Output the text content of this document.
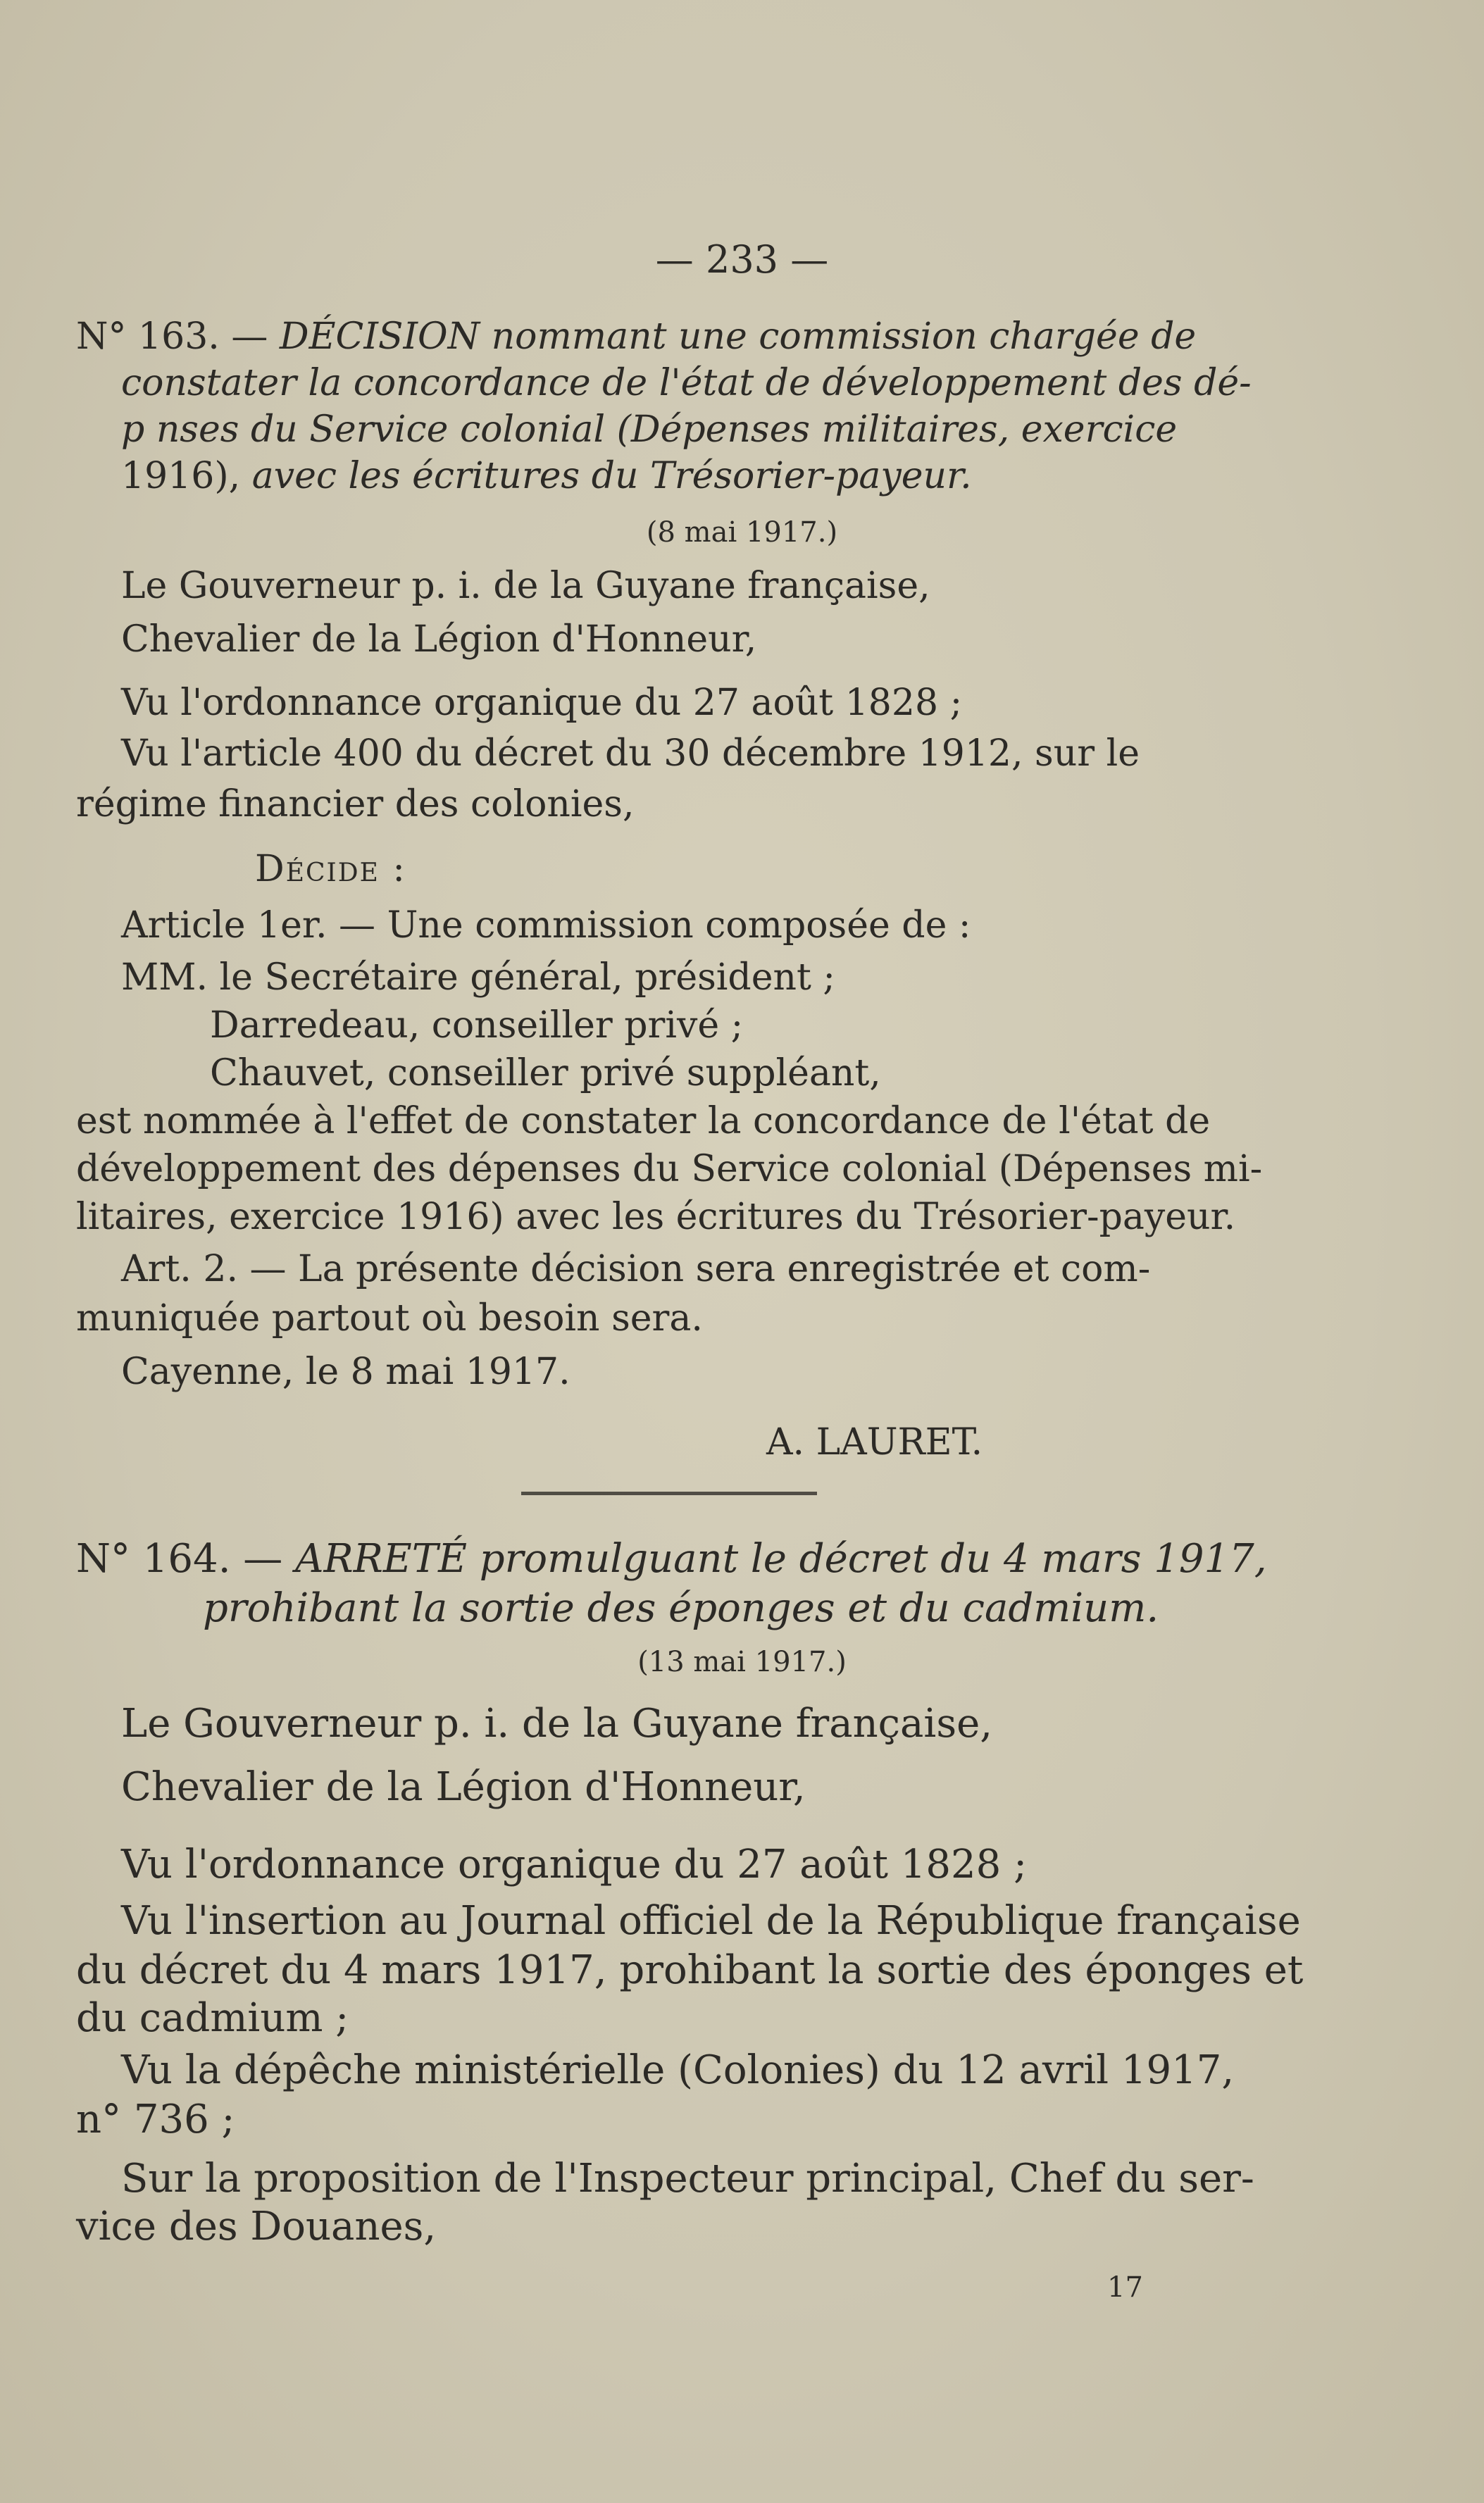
— 233 —
N° 163. — DÉCISION nommant une commission chargée de
constater la concordance de l'état de développement des dé-
p nses du Service colonial (Dépenses militaires, exercice
1916), avec les écritures du Trésorier-payeur.
(8 mai 1917.)
Le Gouverneur p. i. de la Guyane française,
Chevalier de la Légion d'Honneur,
Vu l'ordonnance organique du 27 août 1828 ;
Vu l'article 400 du décret du 30 décembre 1912, sur le
régime financier des colonies,
Décide :
Article 1er. — Une commission composée de :
MM. le Secrétaire général, président ;
Darredeau, conseiller privé ;
Chauvet, conseiller privé suppléant,
est nommée à l'effet de constater la concordance de l'état de
développement des dépenses du Service colonial (Dépenses mi-
litaires, exercice 1916) avec les écritures du Trésorier-payeur.
Art. 2. — La présente décision sera enregistrée et com-
muniquée partout où besoin sera.
Cayenne, le 8 mai 1917.
A. LAURET.
N° 164. — ARRETÉ promulguant le décret du 4 mars 1917,
prohibant la sortie des éponges et du cadmium.
(13 mai 1917.)
Le Gouverneur p. i. de la Guyane française,
Chevalier de la Légion d'Honneur,
Vu l'ordonnance organique du 27 août 1828 ;
Vu l'insertion au Journal officiel de la République française
du décret du 4 mars 1917, prohibant la sortie des éponges et
du cadmium ;
Vu la dépêche ministérielle (Colonies) du 12 avril 1917,
n° 736 ;
Sur la proposition de l'Inspecteur principal, Chef du ser-
vice des Douanes,
17
